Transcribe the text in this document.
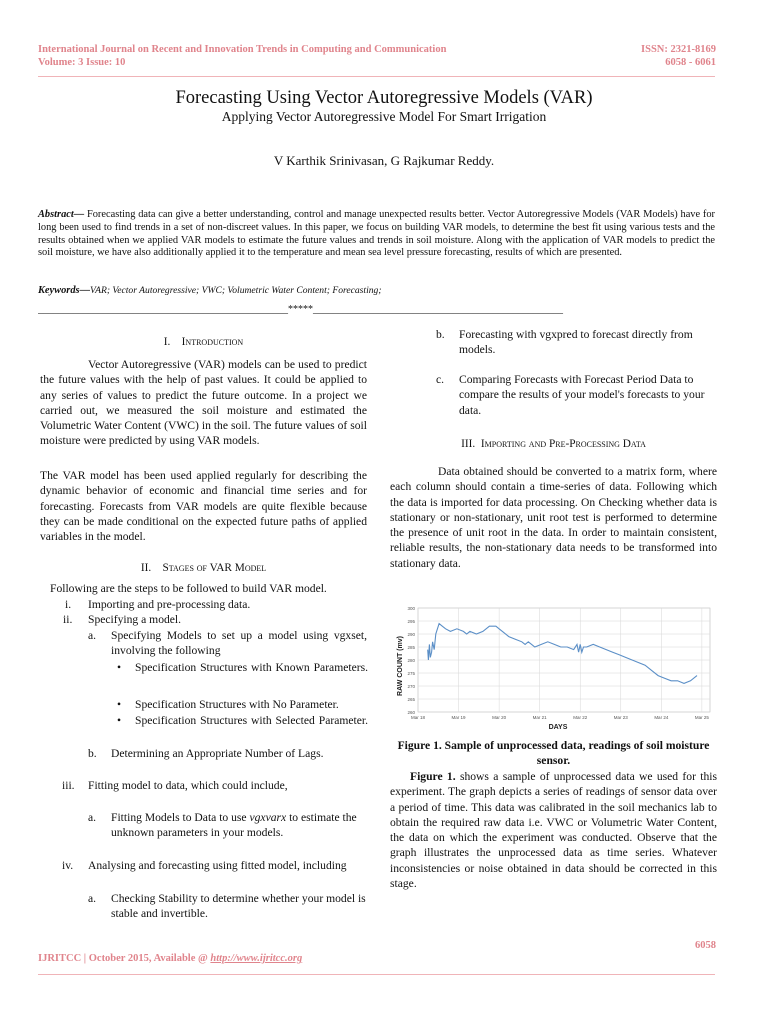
International Journal on Recent and Innovation Trends in Computing and Communication
Volume: 3 Issue: 10
ISSN: 2321-8169
6058 - 6061
Forecasting Using Vector Autoregressive Models (VAR)
Applying Vector Autoregressive Model For Smart Irrigation
V Karthik Srinivasan, G Rajkumar Reddy.
Abstract— Forecasting data can give a better understanding, control and manage unexpected results better. Vector Autoregressive Models (VAR Models) have for long been used to find trends in a set of non-discreet values. In this paper, we focus on building VAR models, to determine the best fit using various tests and the results obtained when we applied VAR models to estimate the future values and trends in soil moisture. Along with the application of VAR models to predict the soil moisture, we have also additionally applied it to the temperature and mean sea level pressure forecasting, results of which are presented.
Keywords—VAR; Vector Autoregressive; VWC; Volumetric Water Content; Forecasting;
__________________________________________________*****__________________________________________________
I. Introduction
Vector Autoregressive (VAR) models can be used to predict the future values with the help of past values. It could be applied to any series of values to predict the future outcome. In a project we carried out, we measured the soil moisture and estimated the Volumetric Water Content (VWC) in the soil. The future values of soil moisture were predicted by using VAR models.
The VAR model has been used applied regularly for describing the dynamic behavior of economic and financial time series and for forecasting. Forecasts from VAR models are quite flexible because they can be made conditional on the expected future paths of applied variables in the model.
II. Stages of VAR Model
Following are the steps to be followed to build VAR model.
i. Importing and pre-processing data.
ii. Specifying a model.
a. Specifying Models to set up a model using vgxset, involving the following
• Specification Structures with Known Parameters.
• Specification Structures with No Parameter.
• Specification Structures with Selected Parameter.
b. Determining an Appropriate Number of Lags.
iii. Fitting model to data, which could include,
a. Fitting Models to Data to use vgxvarx to estimate the unknown parameters in your models.
iv. Analysing and forecasting using fitted model, including
a. Checking Stability to determine whether your model is stable and invertible.
b. Forecasting with vgxpred to forecast directly from models.
c. Comparing Forecasts with Forecast Period Data to compare the results of your model's forecasts to your data.
III. Importing and Pre-Processing Data
Data obtained should be converted to a matrix form, where each column should contain a time-series of data. Following which the data is imported for data processing. On Checking whether data is stationary or non-stationary, unit root test is performed to determine the presence of unit root in the data. In order to maintain consistent, reliable results, the non-stationary data needs to be transformed into stationary data.
260
265
270
275
280
285
290
295
300
Mar 18	Mar 19	Mar 20	Mar 21	Mar 22	Mar 23	Mar 24	Mar 25
RAW COUNT (mv)
DAYS
Figure 1. Sample of unprocessed data, readings of soil moisture sensor.
Figure 1. shows a sample of unprocessed data we used for this experiment. The graph depicts a series of readings of sensor data over a period of time. This data was calibrated in the soil mechanics lab to obtain the required raw data i.e. VWC or Volumetric Water Content, the data on which the experiment was conducted. Observe that the graph illustrates the unprocessed data as time series. Whatever inconsistencies or noise obtained in data should be corrected in this stage.
6058
IJRITCC | October 2015, Available @ http://www.ijritcc.org
